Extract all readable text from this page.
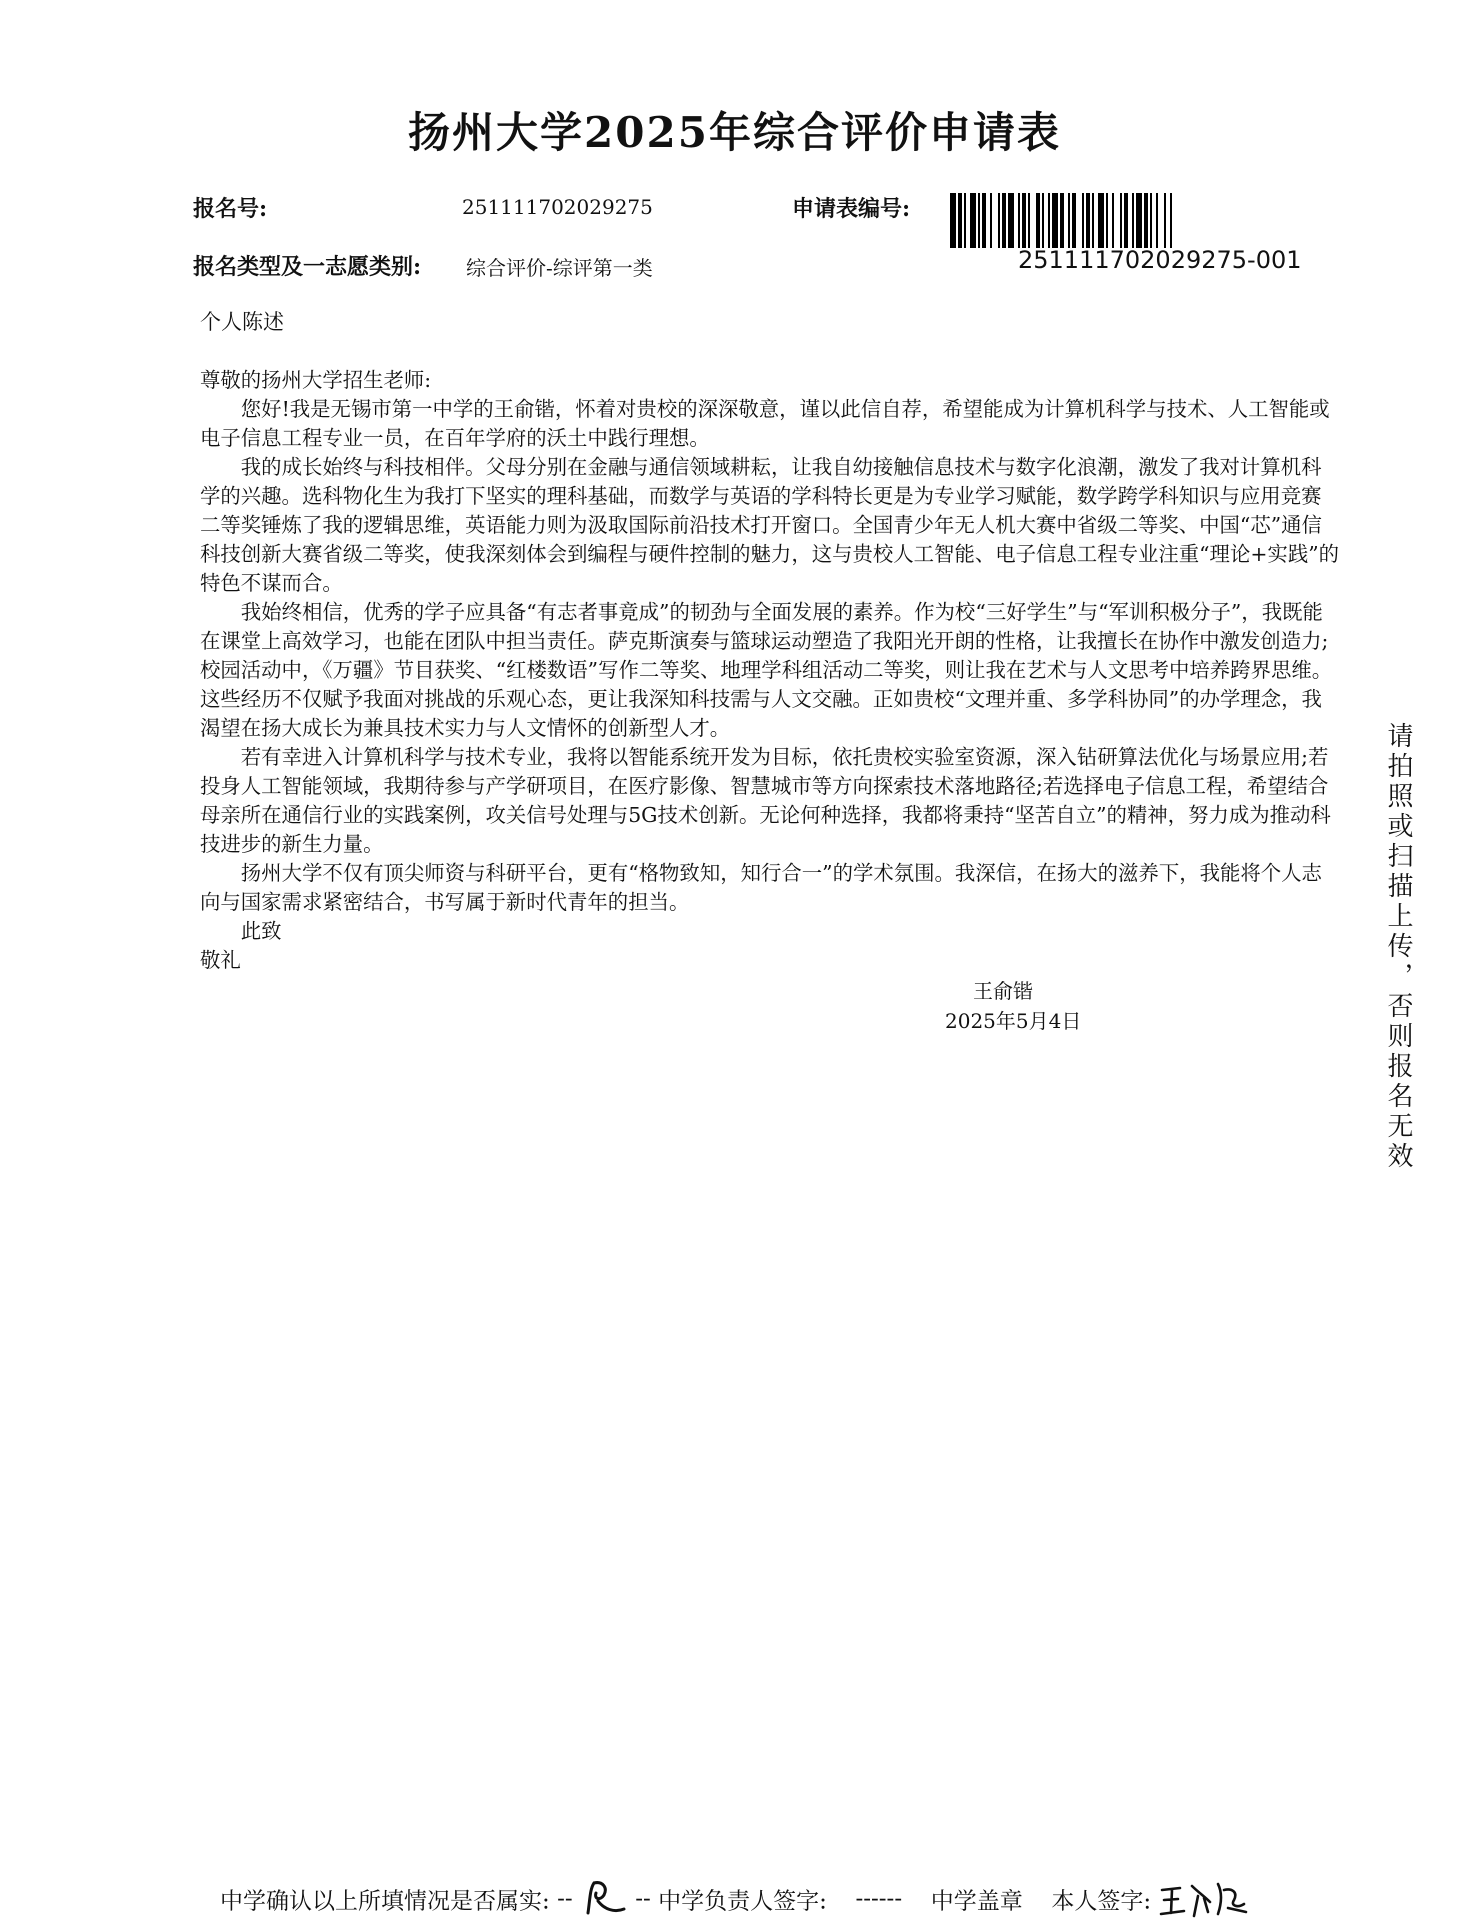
扬州大学2025年综合评价申请表
报名号:	251111702029275	申请表编号:
251111702029275-001
报名类型及一志愿类别: 综合评价-综评第一类
个人陈述

尊敬的扬州大学招生老师:

您好!我是无锡市第一中学的王俞锴，怀着对贵校的深深敬意，谨以此信自荐，希望能成为计算机科学与技术、人工智能或电子信息工程专业一员，在百年学府的沃土中践行理想。

我的成长始终与科技相伴。父母分别在金融与通信领域耕耘，让我自幼接触信息技术与数字化浪潮，激发了我对计算机科学的兴趣。选科物化生为我打下坚实的理科基础，而数学与英语的学科特长更是为专业学习赋能，数学跨学科知识与应用竞赛二等奖锤炼了我的逻辑思维，英语能力则为汲取国际前沿技术打开窗口。全国青少年无人机大赛中省级二等奖、中国“芯”通信科技创新大赛省级二等奖，使我深刻体会到编程与硬件控制的魅力，这与贵校人工智能、电子信息工程专业注重“理论+实践”的特色不谋而合。

我始终相信，优秀的学子应具备“有志者事竟成”的韧劲与全面发展的素养。作为校“三好学生”与“军训积极分子”，我既能在课堂上高效学习，也能在团队中担当责任。萨克斯演奏与篮球运动塑造了我阳光开朗的性格，让我擅长在协作中激发创造力;校园活动中，《万疆》节目获奖、“红楼数语”写作二等奖、地理学科组活动二等奖，则让我在艺术与人文思考中培养跨界思维。这些经历不仅赋予我面对挑战的乐观心态，更让我深知科技需与人文交融。正如贵校“文理并重、多学科协同”的办学理念，我渴望在扬大成长为兼具技术实力与人文情怀的创新型人才。

若有幸进入计算机科学与技术专业，我将以智能系统开发为目标，依托贵校实验室资源，深入钻研算法优化与场景应用;若投身人工智能领域，我期待参与产学研项目，在医疗影像、智慧城市等方向探索技术落地路径;若选择电子信息工程，希望结合母亲所在通信行业的实践案例，攻关信号处理与5G技术创新。无论何种选择，我都将秉持“坚苦自立”的精神，努力成为推动科技进步的新生力量。

扬州大学不仅有顶尖师资与科研平台，更有“格物致知，知行合一”的学术氛围。我深信，在扬大的滋养下，我能将个人志向与国家需求紧密结合，书写属于新时代青年的担当。

此致

敬礼

王俞锴
2025年5月4日	请拍照或扫描上传，否则报名无效
中学确认以上所填情况是否属实: --	-- 中学负责人签字: ------ 中学盖章 本人签字:
